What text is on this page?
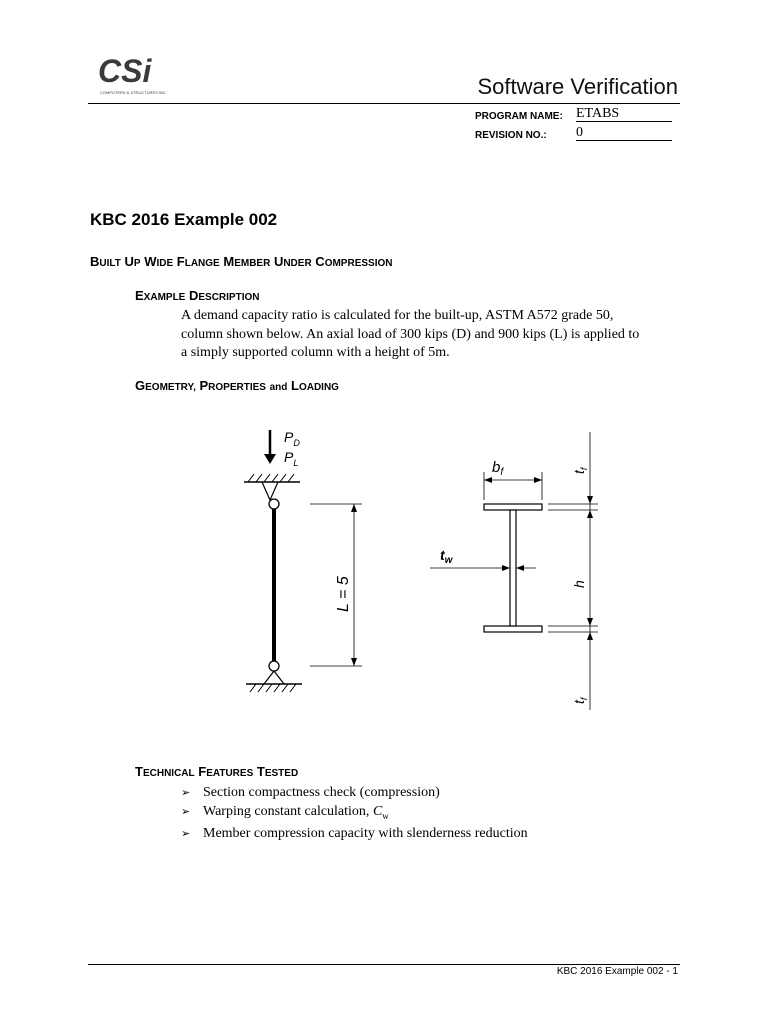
CSi
COMPUTERS & STRUCTURES INC.	Software Verification
PROGRAM NAME: ETABS
REVISION NO.: 0
KBC 2016 Example 002
BUILT UP WIDE FLANGE MEMBER UNDER COMPRESSION
EXAMPLE DESCRIPTION
A demand capacity ratio is calculated for the built-up, ASTM A572 grade 50,
column shown below. An axial load of 300 kips (D) and 900 kips (L) is applied to
a simply supported column with a height of 5m.
GEOMETRY, PROPERTIES and LOADING
$P_D$
$P_L$
L = 5
$b_f$
$t_w$
$t_f$
h
$t_f$
TECHNICAL FEATURES TESTED
➢ Section compactness check (compression)
➢ Warping constant calculation, $C_w$
➢ Member compression capacity with slenderness reduction
KBC 2016 Example 002 - 1
